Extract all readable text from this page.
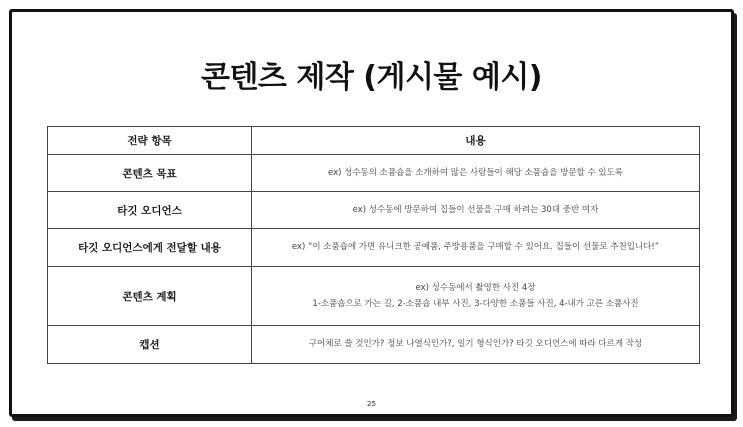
콘텐츠 제작 (게시물 예시)
전략 항목	내용
콘텐츠 목표	ex) 성수동의 소품숍을 소개하여 많은 사람들이 해당 소품숍을 방문할 수 있도록

타깃 오디언스	ex) 성수동에 방문하여 집들이 선물을 구매 하려는 30대 중반 여자

타깃 오디언스에게 전달할 내용	ex) “이 소품숍에 가면 유니크한 공예품, 주방용품을 구매할 수 있어요. 집들이 선물로 추천입니다!”

콘텐츠 계획	ex) 성수동에서 촬영한 사진 4장
1-소품숍으로 가는 길, 2-소품숍 내부 사진, 3-다양한 소품들 사진, 4-내가 고른 소품사진

캡션	구어체로 쓸 것인가? 정보 나열식인가?, 일기 형식인가? 타깃 오디언스에 따라 다르게 작성
25
